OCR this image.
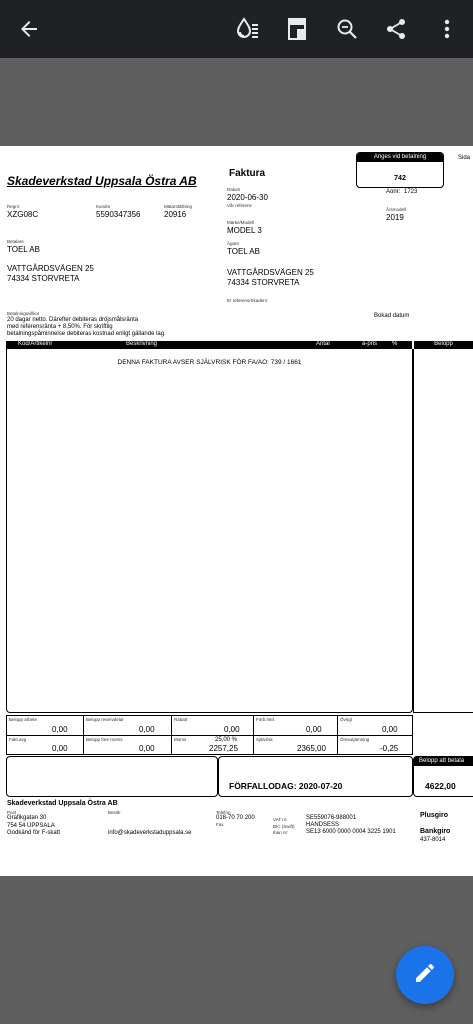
Skadeverkstad Uppsala Östra AB
Faktura
Anges vid betalning
742
Sida
Datum
2020-06-30
Vår referens
Aonr: 1723
Årsmodell
2019
Regnr
XZG08C
Kundnr
5590347356
Mätarställning
20916
Märke/Modell
MODEL 3
Betalare
TOEL AB
Ägare
TOEL AB
VATTGÅRDSVÄGEN 25
74334 STORVRETA
VATTGÅRDSVÄGEN 25
74334 STORVRETA
Er referens/Skadenr
Betalningsvillkor
20 dagar netto. Därefter debiteras dröjsmålsränta
med referensränta + 8,50%. För skriftlig
betalningspåminnelse debiteras kostnad enligt gällande lag.
Bokad datum
Kod/Artikelnr	Beskrivning	Antal	à-pris %	Belopp
DENNA FAKTURA AVSER SJÄLVRISK FÖR FA/AO: 739 / 1661
Belopp arbete
0,00
Belopp reservdelar
0,00
Rabatt
0,00
Förb.mtrl.
0,00
Övrigt
0,00
Fakt.avg
0,00
Belopp före moms
0,00
Moms	25,00 %
2257,25
Självrisk
2365,00
Öresutjämning
-0,25
FÖRFALLODAG: 2020-07-20
Belopp att betala
4622,00
Skadeverkstad Uppsala Östra AB
Post
Grafikgatan 30
754 54 UPPSALA
Godkänd för F-skatt
Besök
info@skadeverkstaduppsala.se
Telefon
018-70 70 200
Fax
VAT nr:	SE559076-988001
BIC (Swift) HANDSESS
Iban nr:	SE13 6000 0000 0004 3225 1901
Plusgiro
Bankgiro
437-8014
